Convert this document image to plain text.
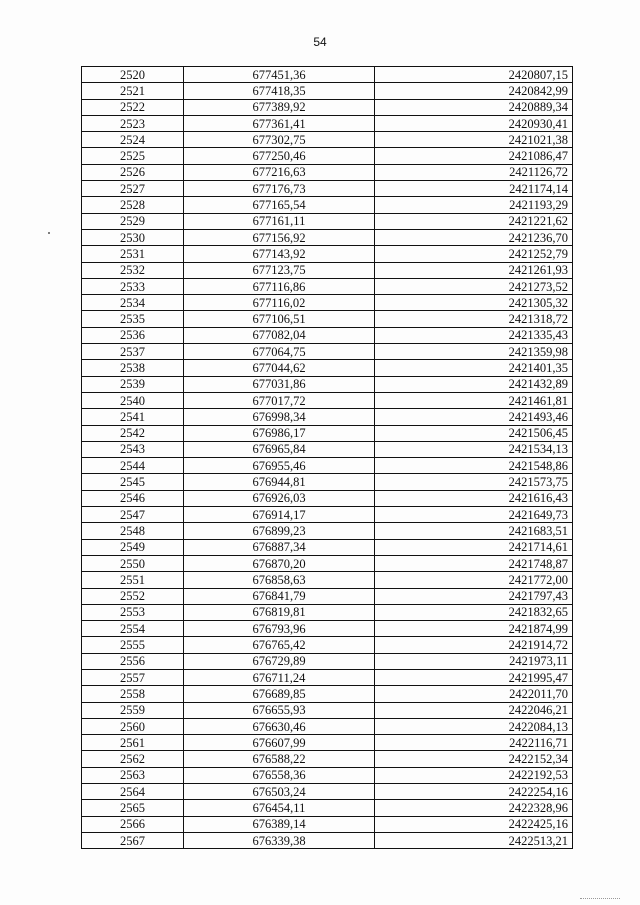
54
2520	677451,36	2420807,15
2521	677418,35	2420842,99
2522	677389,92	2420889,34
2523	677361,41	2420930,41
2524	677302,75	2421021,38
2525	677250,46	2421086,47
2526	677216,63	2421126,72
2527	677176,73	2421174,14
2528	677165,54	2421193,29
2529	677161,11	2421221,62
2530	677156,92	2421236,70
2531	677143,92	2421252,79
2532	677123,75	2421261,93
2533	677116,86	2421273,52
2534	677116,02	2421305,32
2535	677106,51	2421318,72
2536	677082,04	2421335,43
2537	677064,75	2421359,98
2538	677044,62	2421401,35
2539	677031,86	2421432,89
2540	677017,72	2421461,81
2541	676998,34	2421493,46
2542	676986,17	2421506,45
2543	676965,84	2421534,13
2544	676955,46	2421548,86
2545	676944,81	2421573,75
2546	676926,03	2421616,43
2547	676914,17	2421649,73
2548	676899,23	2421683,51
2549	676887,34	2421714,61
2550	676870,20	2421748,87
2551	676858,63	2421772,00
2552	676841,79	2421797,43
2553	676819,81	2421832,65
2554	676793,96	2421874,99
2555	676765,42	2421914,72
2556	676729,89	2421973,11
2557	676711,24	2421995,47
2558	676689,85	2422011,70
2559	676655,93	2422046,21
2560	676630,46	2422084,13
2561	676607,99	2422116,71
2562	676588,22	2422152,34
2563	676558,36	2422192,53
2564	676503,24	2422254,16
2565	676454,11	2422328,96
2566	676389,14	2422425,16
2567	676339,38	2422513,21
